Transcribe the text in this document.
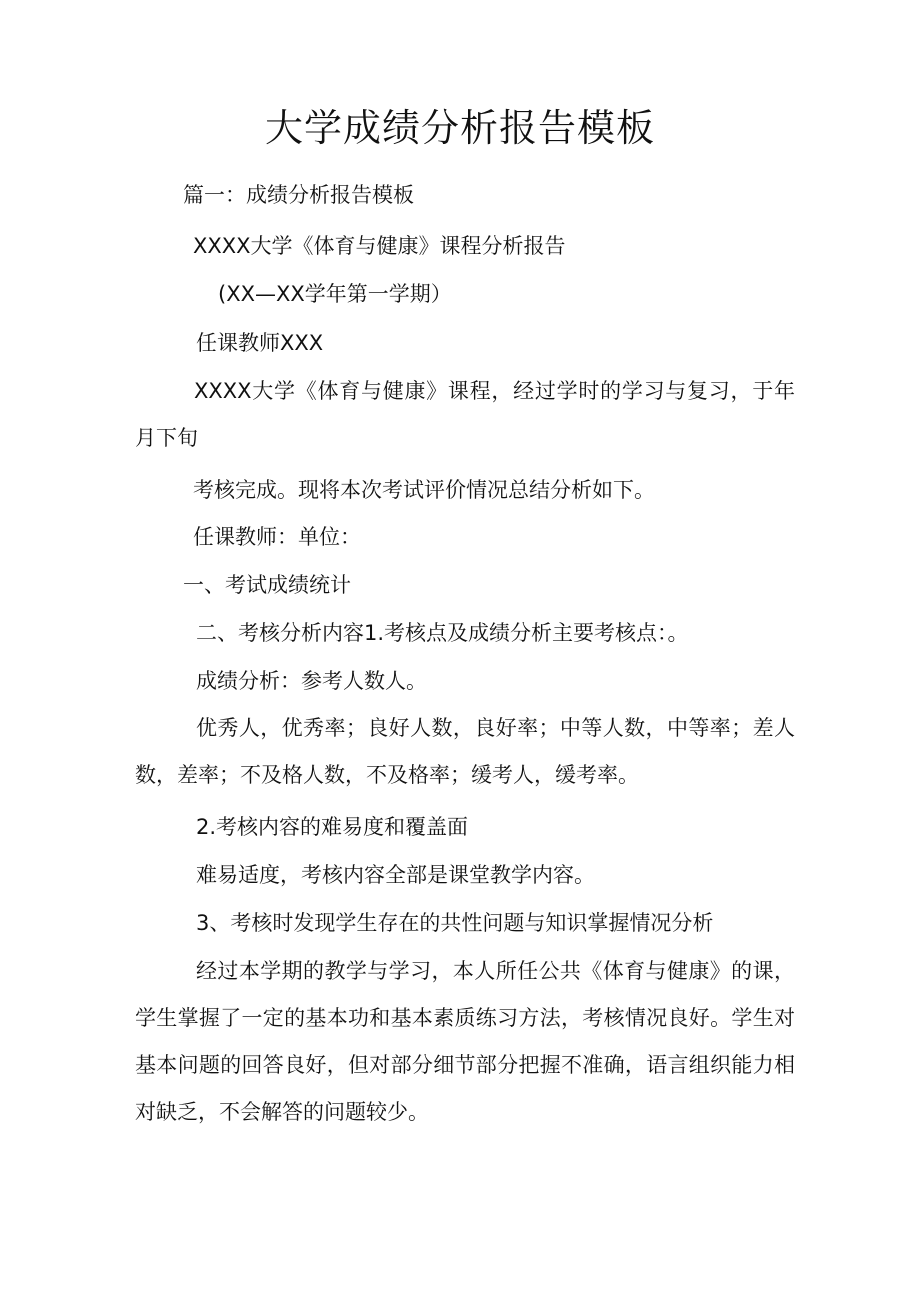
大学成绩分析报告模板

篇一：成绩分析报告模板

XXXX大学《体育与健康》课程分析报告

(XX—XX学年第一学期）

任课教师XXX

XXXX大学《体育与健康》课程，经过学时的学习与复习，于年月下旬

考核完成。现将本次考试评价情况总结分析如下。

任课教师：单位：

一、考试成绩统计

二、考核分析内容1.考核点及成绩分析主要考核点：。

成绩分析：参考人数人。

优秀人，优秀率；良好人数，良好率；中等人数，中等率；差人数，差率；不及格人数，不及格率；缓考人，缓考率。

2.考核内容的难易度和覆盖面

难易适度，考核内容全部是课堂教学内容。

3、考核时发现学生存在的共性问题与知识掌握情况分析

经过本学期的教学与学习，本人所任公共《体育与健康》的课，学生掌握了一定的基本功和基本素质练习方法，考核情况良好。学生对基本问题的回答良好，但对部分细节部分把握不准确，语言组织能力相对缺乏，不会解答的问题较少。
